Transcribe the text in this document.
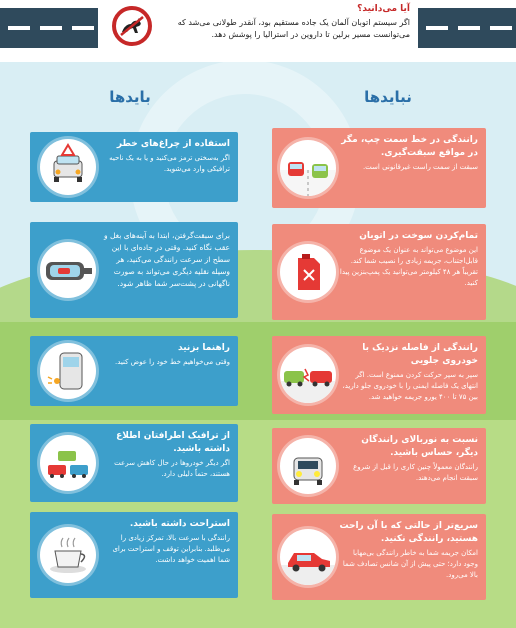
آیا می‌دانید؟
اگر سیستم اتوبان آلمان یک جاده مستقیم بود، آنقدر طولانی می‌شد که می‌توانست مسیر برلین تا داروین در استرالیا را پوشش دهد.
بایدها	نبایدها
استفاده از چراغ‌های خطر
اگر به‌سختی ترمز می‌کنید و یا به یک ناحیه ترافیکی وارد می‌شوید.
برای سبقت‌گرفتن، ابتدا به آینه‌های بغل و عقب نگاه کنید. وقتی در جاده‌ای با این سطح از سرعت رانندگی می‌کنید، هر وسیله نقلیه دیگری می‌تواند به صورت ناگهانی در پشت‌سر شما ظاهر شود.
راهنما بزنید
وقتی می‌خواهیم خط خود را عوض کنید.
از ترافیک اطرافتان اطلاع داشته باشید.
اگر دیگر خودروها در حال کاهش سرعت هستند، حتماً دلیلی دارد.
استراحت داشته باشید.
رانندگی با سرعت بالا، تمرکز زیادی را می‌طلبد. بنابراین توقف و استراحت برای شما اهمیت خواهد داشت.
رانندگی در خط سمت چپ، مگر در مواقع سبقت‌گیری.
سبقت از سمت راست غیرقانونی است.
تمام‌کردن سوخت در اتوبان
این موضوع می‌تواند به عنوان یک موضوع قابل‌اجتناب، جریمه زیادی را نصیب شما کند. تقریباً هر ۴۸ کیلومتر می‌توانید یک پمپ‌بنزین پیدا کنید.
رانندگی از فاصله نزدیک با خودروی جلویی
سپر به سپر حرکت کردن ممنوع است. اگر انتهای یک فاصله ایمنی را با خودروی جلو دارید، بین ۷۵ تا ۴۰۰ یورو جریمه خواهید شد.
نسبت به نوربالای رانندگان دیگر، حساس باشید.
رانندگان معمولاً چنین کاری را قبل از شروع سبقت انجام می‌دهند.
سریع‌تر از حالتی که با آن راحت هستید، رانندگی نکنید.
امکان جریمه شما به خاطر رانندگی بی‌مهابا وجود دارد؛ حتی پیش از آن شانس تصادف شما بالا می‌رود.
